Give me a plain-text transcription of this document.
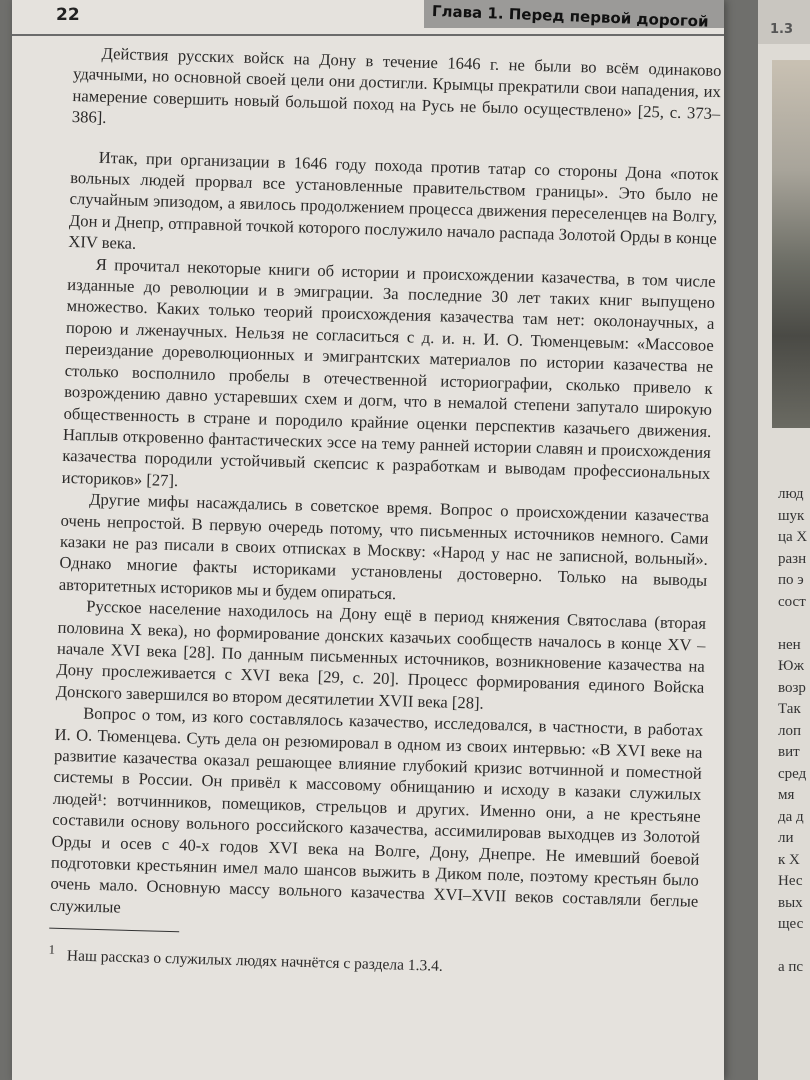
22	Глава 1. Перед первой дорогой

Действия русских войск на Дону в течение 1646 г. не были во всём одинаково удачными, но основной своей цели они достигли. Крымцы прекратили свои нападения, их намерение совершить новый большой поход на Русь не было осуществлено» [25, с. 373–386].

Итак, при организации в 1646 году похода против татар со стороны Дона «поток вольных людей прорвал все установленные правительством границы». Это было не случайным эпизодом, а явилось продолжением процесса движения переселенцев на Волгу, Дон и Днепр, отправной точкой которого послужило начало распада Золотой Орды в конце XIV века.

Я прочитал некоторые книги об истории и происхождении казачества, в том числе изданные до революции и в эмиграции. За последние 30 лет таких книг выпущено множество. Каких только теорий происхождения казачества там нет: околонаучных, а порою и лженаучных. Нельзя не согласиться с д. и. н. И. О. Тюменцевым: «Массовое переиздание дореволюционных и эмигрантских материалов по истории казачества не столько восполнило пробелы в отечественной историографии, сколько привело к возрождению давно устаревших схем и догм, что в немалой степени запутало широкую общественность в стране и породило крайние оценки перспектив казачьего движения. Наплыв откровенно фантастических эссе на тему ранней истории славян и происхождения казачества породили устойчивый скепсис к разработкам и выводам профессиональных историков» [27].

Другие мифы насаждались в советское время. Вопрос о происхождении казачества очень непростой. В первую очередь потому, что письменных источников немного. Сами казаки не раз писали в своих отписках в Москву: «Народ у нас не записной, вольный». Однако многие факты историками установлены достоверно. Только на выводы авторитетных историков мы и будем опираться.

Русское население находилось на Дону ещё в период княжения Святослава (вторая половина X века), но формирование донских казачьих сообществ началось в конце XV – начале XVI века [28]. По данным письменных источников, возникновение казачества на Дону прослеживается с XVI века [29, с. 20]. Процесс формирования единого Войска Донского завершился во втором десятилетии XVII века [28].

Вопрос о том, из кого составлялось казачество, исследовался, в частности, в работах И. О. Тюменцева. Суть дела он резюмировал в одном из своих интервью: «В XVI веке на развитие казачества оказал решающее влияние глубокий кризис вотчинной и поместной системы в России. Он привёл к массовому обнищанию и исходу в казаки служилых людей¹: вотчинников, помещиков, стрельцов и других. Именно они, а не крестьяне составили основу вольного российского казачества, ассимилировав выходцев из Золотой Орды и осев с 40-х годов XVI века на Волге, Дону, Днепре. Не имевший боевой подготовки крестьянин имел мало шансов выжить в Диком поле, поэтому крестьян было очень мало. Основную массу вольного казачества XVI–XVII веков составляли беглые служилые

$^1$ Наш рассказ о служилых людях начнётся с раздела 1.3.4.

1.3
люд
шук
ца Х
разн
по э
сост
нен
Юж
возр
Так
лоп
вит
сред
мя
да д
ли
к X
Нес
вых
щес
а пс
